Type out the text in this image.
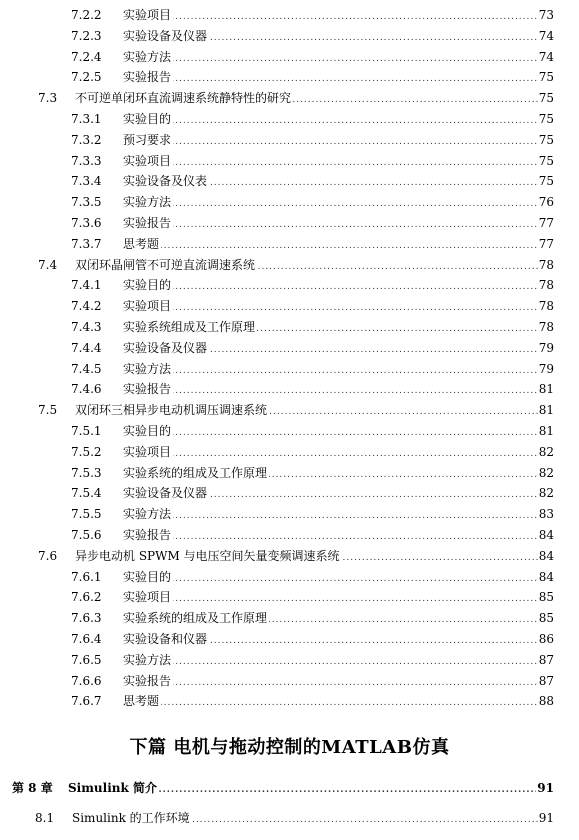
7.2.2 ..... 实验项目	73
7.2.3 ..... 实验设备及仪器	74
7.2.4 ..... 实验方法	74
7.2.5 ..... 实验报告	75
7.3 ..... 不可逆单闭环直流调速系统静特性的研究	75
7.3.1 ..... 实验目的	75
7.3.2 ..... 预习要求	75
7.3.3 ..... 实验项目	75
7.3.4 ..... 实验设备及仪表	75
7.3.5 ..... 实验方法	76
7.3.6 ..... 实验报告	77
7.3.7 ..... 思考题	77
7.4 ..... 双闭环晶闸管不可逆直流调速系统	78
7.4.1 ..... 实验目的	78
7.4.2 ..... 实验项目	78
7.4.3 ..... 实验系统组成及工作原理	78
7.4.4 ..... 实验设备及仪器	79
7.4.5 ..... 实验方法	79
7.4.6 ..... 实验报告	81
7.5 ..... 双闭环三相异步电动机调压调速系统	81
7.5.1 ..... 实验目的	81
7.5.2 ..... 实验项目	82
7.5.3 ..... 实验系统的组成及工作原理	82
7.5.4 ..... 实验设备及仪器	82
7.5.5 ..... 实验方法	83
7.5.6 ..... 实验报告	84
7.6 ..... 异步电动机 SPWM 与电压空间矢量变频调速系统	84
7.6.1 ..... 实验目的	84
7.6.2 ..... 实验项目	85
7.6.3 ..... 实验系统的组成及工作原理	85
7.6.4 ..... 实验设备和仪器	86
7.6.5 ..... 实验方法	87
7.6.6 ..... 实验报告	87
7.6.7 ..... 思考题	88
下篇 电机与拖动控制的MATLAB仿真
第 8 章 ..... Simulink 简介	91
8.1 ..... Simulink 的工作环境	91
